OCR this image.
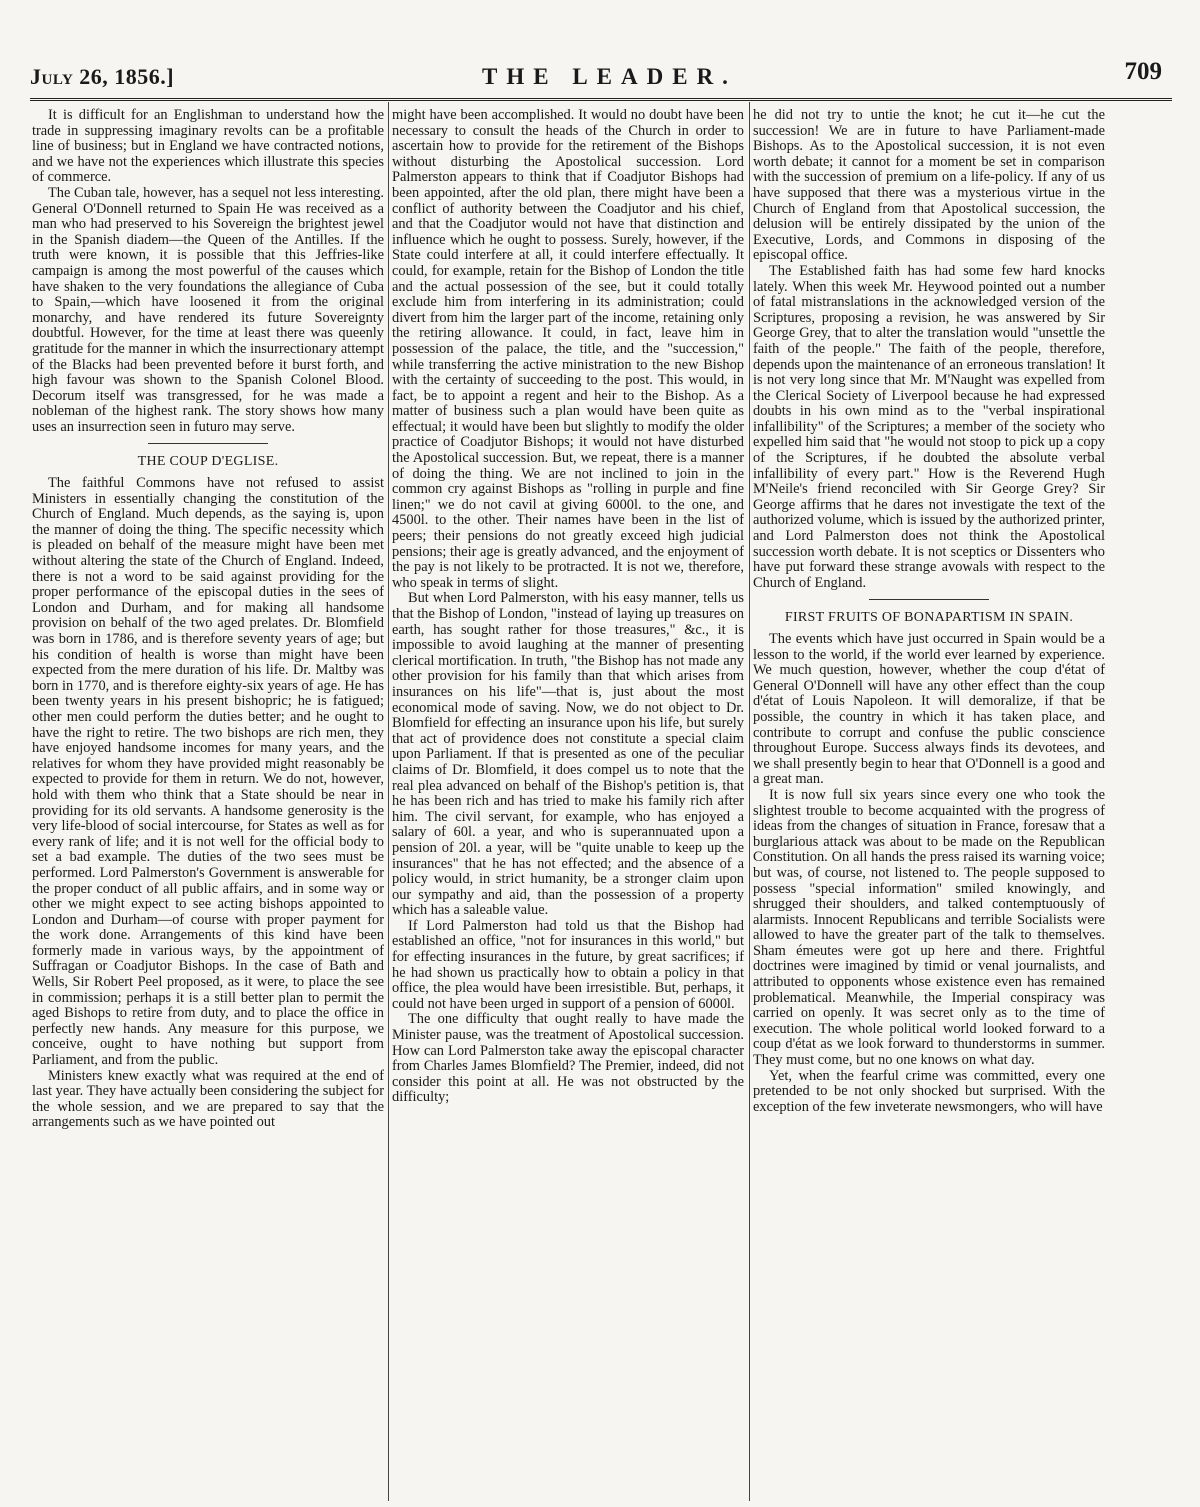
July 26, 1856.]	THE LEADER.	709

It is difficult for an Englishman to understand how the trade in suppressing imaginary revolts can be a profitable line of business; but in England we have contracted notions, and we have not the experiences which illustrate this species of commerce.

The Cuban tale, however, has a sequel not less interesting. General O'Donnell returned to Spain He was received as a man who had preserved to his Sovereign the brightest jewel in the Spanish diadem—the Queen of the Antilles. If the truth were known, it is possible that this Jeffries-like campaign is among the most powerful of the causes which have shaken to the very foundations the allegiance of Cuba to Spain,—which have loosened it from the original monarchy, and have rendered its future Sovereignty doubtful. However, for the time at least there was queenly gratitude for the manner in which the insurrectionary attempt of the Blacks had been prevented before it burst forth, and high favour was shown to the Spanish Colonel Blood. Decorum itself was transgressed, for he was made a nobleman of the highest rank. The story shows how many uses an insurrection seen in futuro may serve.

THE COUP D'EGLISE.

The faithful Commons have not refused to assist Ministers in essentially changing the constitution of the Church of England. Much depends, as the saying is, upon the manner of doing the thing. The specific necessity which is pleaded on behalf of the measure might have been met without altering the state of the Church of England. Indeed, there is not a word to be said against providing for the proper performance of the episcopal duties in the sees of London and Durham, and for making all handsome provision on behalf of the two aged prelates. Dr. Blomfield was born in 1786, and is therefore seventy years of age; but his condition of health is worse than might have been expected from the mere duration of his life. Dr. Maltby was born in 1770, and is therefore eighty-six years of age. He has been twenty years in his present bishopric; he is fatigued; other men could perform the duties better; and he ought to have the right to retire. The two bishops are rich men, they have enjoyed handsome incomes for many years, and the relatives for whom they have provided might reasonably be expected to provide for them in return. We do not, however, hold with them who think that a State should be near in providing for its old servants. A handsome generosity is the very life-blood of social intercourse, for States as well as for every rank of life; and it is not well for the official body to set a bad example. The duties of the two sees must be performed. Lord Palmerston's Government is answerable for the proper conduct of all public affairs, and in some way or other we might expect to see acting bishops appointed to London and Durham—of course with proper payment for the work done. Arrangements of this kind have been formerly made in various ways, by the appointment of Suffragan or Coadjutor Bishops. In the case of Bath and Wells, Sir Robert Peel proposed, as it were, to place the see in commission; perhaps it is a still better plan to permit the aged Bishops to retire from duty, and to place the office in perfectly new hands. Any measure for this purpose, we conceive, ought to have nothing but support from Parliament, and from the public.

Ministers knew exactly what was required at the end of last year. They have actually been considering the subject for the whole session, and we are prepared to say that the arrangements such as we have pointed out

might have been accomplished. It would no doubt have been necessary to consult the heads of the Church in order to ascertain how to provide for the retirement of the Bishops without disturbing the Apostolical succession. Lord Palmerston appears to think that if Coadjutor Bishops had been appointed, after the old plan, there might have been a conflict of authority between the Coadjutor and his chief, and that the Coadjutor would not have that distinction and influence which he ought to possess. Surely, however, if the State could interfere at all, it could interfere effectually. It could, for example, retain for the Bishop of London the title and the actual possession of the see, but it could totally exclude him from interfering in its administration; could divert from him the larger part of the income, retaining only the retiring allowance. It could, in fact, leave him in possession of the palace, the title, and the "succession," while transferring the active ministration to the new Bishop with the certainty of succeeding to the post. This would, in fact, be to appoint a regent and heir to the Bishop. As a matter of business such a plan would have been quite as effectual; it would have been but slightly to modify the older practice of Coadjutor Bishops; it would not have disturbed the Apostolical succession. But, we repeat, there is a manner of doing the thing. We are not inclined to join in the common cry against Bishops as "rolling in purple and fine linen;" we do not cavil at giving 6000l. to the one, and 4500l. to the other. Their names have been in the list of peers; their pensions do not greatly exceed high judicial pensions; their age is greatly advanced, and the enjoyment of the pay is not likely to be protracted. It is not we, therefore, who speak in terms of slight.

But when Lord Palmerston, with his easy manner, tells us that the Bishop of London, "instead of laying up treasures on earth, has sought rather for those treasures," &c., it is impossible to avoid laughing at the manner of presenting clerical mortification. In truth, "the Bishop has not made any other provision for his family than that which arises from insurances on his life"—that is, just about the most economical mode of saving. Now, we do not object to Dr. Blomfield for effecting an insurance upon his life, but surely that act of providence does not constitute a special claim upon Parliament. If that is presented as one of the peculiar claims of Dr. Blomfield, it does compel us to note that the real plea advanced on behalf of the Bishop's petition is, that he has been rich and has tried to make his family rich after him. The civil servant, for example, who has enjoyed a salary of 60l. a year, and who is superannuated upon a pension of 20l. a year, will be "quite unable to keep up the insurances" that he has not effected; and the absence of a policy would, in strict humanity, be a stronger claim upon our sympathy and aid, than the possession of a property which has a saleable value.

If Lord Palmerston had told us that the Bishop had established an office, "not for insurances in this world," but for effecting insurances in the future, by great sacrifices; if he had shown us practically how to obtain a policy in that office, the plea would have been irresistible. But, perhaps, it could not have been urged in support of a pension of 6000l.

The one difficulty that ought really to have made the Minister pause, was the treatment of Apostolical succession. How can Lord Palmerston take away the episcopal character from Charles James Blomfield? The Premier, indeed, did not consider this point at all. He was not obstructed by the difficulty;

he did not try to untie the knot; he cut it—he cut the succession! We are in future to have Parliament-made Bishops. As to the Apostolical succession, it is not even worth debate; it cannot for a moment be set in comparison with the succession of premium on a life-policy. If any of us have supposed that there was a mysterious virtue in the Church of England from that Apostolical succession, the delusion will be entirely dissipated by the union of the Executive, Lords, and Commons in disposing of the episcopal office.

The Established faith has had some few hard knocks lately. When this week Mr. Heywood pointed out a number of fatal mistranslations in the acknowledged version of the Scriptures, proposing a revision, he was answered by Sir George Grey, that to alter the translation would "unsettle the faith of the people." The faith of the people, therefore, depends upon the maintenance of an erroneous translation! It is not very long since that Mr. M'Naught was expelled from the Clerical Society of Liverpool because he had expressed doubts in his own mind as to the "verbal inspirational infallibility" of the Scriptures; a member of the society who expelled him said that "he would not stoop to pick up a copy of the Scriptures, if he doubted the absolute verbal infallibility of every part." How is the Reverend Hugh M'Neile's friend reconciled with Sir George Grey? Sir George affirms that he dares not investigate the text of the authorized volume, which is issued by the authorized printer, and Lord Palmerston does not think the Apostolical succession worth debate. It is not sceptics or Dissenters who have put forward these strange avowals with respect to the Church of England.

FIRST FRUITS OF BONAPARTISM IN SPAIN.

The events which have just occurred in Spain would be a lesson to the world, if the world ever learned by experience. We much question, however, whether the coup d'état of General O'Donnell will have any other effect than the coup d'état of Louis Napoleon. It will demoralize, if that be possible, the country in which it has taken place, and contribute to corrupt and confuse the public conscience throughout Europe. Success always finds its devotees, and we shall presently begin to hear that O'Donnell is a good and a great man.

It is now full six years since every one who took the slightest trouble to become acquainted with the progress of ideas from the changes of situation in France, foresaw that a burglarious attack was about to be made on the Republican Constitution. On all hands the press raised its warning voice; but was, of course, not listened to. The people supposed to possess "special information" smiled knowingly, and shrugged their shoulders, and talked contemptuously of alarmists. Innocent Republicans and terrible Socialists were allowed to have the greater part of the talk to themselves. Sham émeutes were got up here and there. Frightful doctrines were imagined by timid or venal journalists, and attributed to opponents whose existence even has remained problematical. Meanwhile, the Imperial conspiracy was carried on openly. It was secret only as to the time of execution. The whole political world looked forward to a coup d'état as we look forward to thunderstorms in summer. They must come, but no one knows on what day.

Yet, when the fearful crime was committed, every one pretended to be not only shocked but surprised. With the exception of the few inveterate newsmongers, who will have
